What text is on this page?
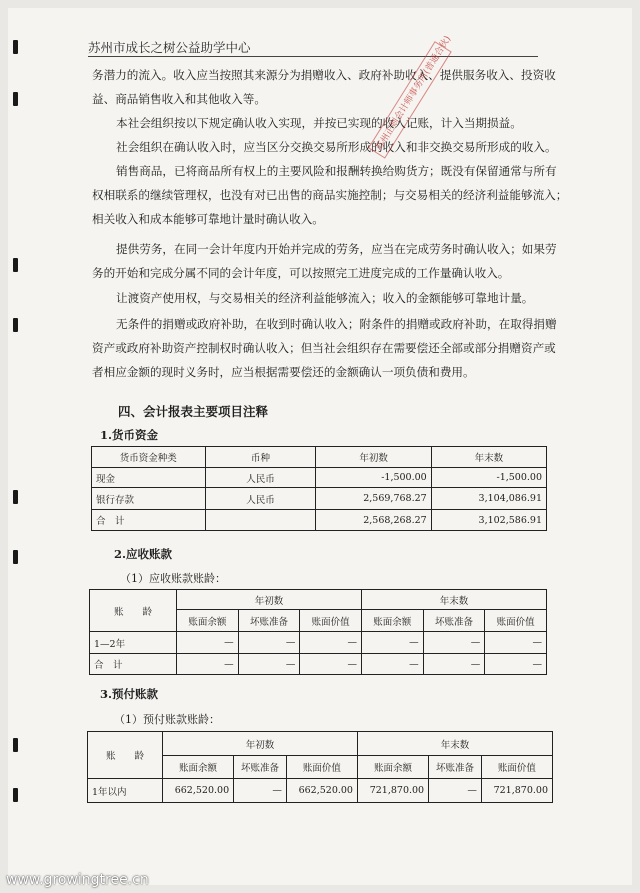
苏州市成长之树公益助学中心

务潜力的流入。收入应当按照其来源分为捐赠收入、政府补助收入、提供服务收入、投资收
益、商品销售收入和其他收入等。

本社会组织按以下规定确认收入实现，并按已实现的收入记账，计入当期损益。

社会组织在确认收入时，应当区分交换交易所形成的收入和非交换交易所形成的收入。

销售商品，已将商品所有权上的主要风险和报酬转换给购货方；既没有保留通常与所有
权相联系的继续管理权，也没有对已出售的商品实施控制；与交易相关的经济利益能够流入；
相关收入和成本能够可靠地计量时确认收入。

提供劳务，在同一会计年度内开始并完成的劳务，应当在完成劳务时确认收入；如果劳
务的开始和完成分属不同的会计年度，可以按照完工进度完成的工作量确认收入。

让渡资产使用权，与交易相关的经济利益能够流入；收入的金额能够可靠地计量。

无条件的捐赠或政府补助，在收到时确认收入；附条件的捐赠或政府补助，在取得捐赠
资产或政府补助资产控制权时确认收入；但当社会组织存在需要偿还全部或部分捐赠资产或
者相应金额的现时义务时，应当根据需要偿还的金额确认一项负债和费用。

苏州正则会计师事务所(普通合伙)
四、会计报表主要项目注释
1.货币资金
货币资金种类	币种	年初数	年末数
现金	人民币	-1,500.00	-1,500.00
银行存款	人民币	2,569,768.27	3,104,086.91
合　计		2,568,268.27	3,102,586.91
2.应收账款
（1）应收账款账龄：
账　　龄	年初数			年末数		
	账面余额	坏账准备	账面价值	账面余额	坏账准备	账面价值
1—2年	—	—	—	—	—	—
合　计	—	—	—	—	—	—
3.预付账款
（1）预付账款账龄：
账　　龄	年初数			年末数		
	账面余额	坏账准备	账面价值	账面余额	坏账准备	账面价值
1年以内	662,520.00	—	662,520.00	721,870.00	—	721,870.00
www.growingtree.cn
